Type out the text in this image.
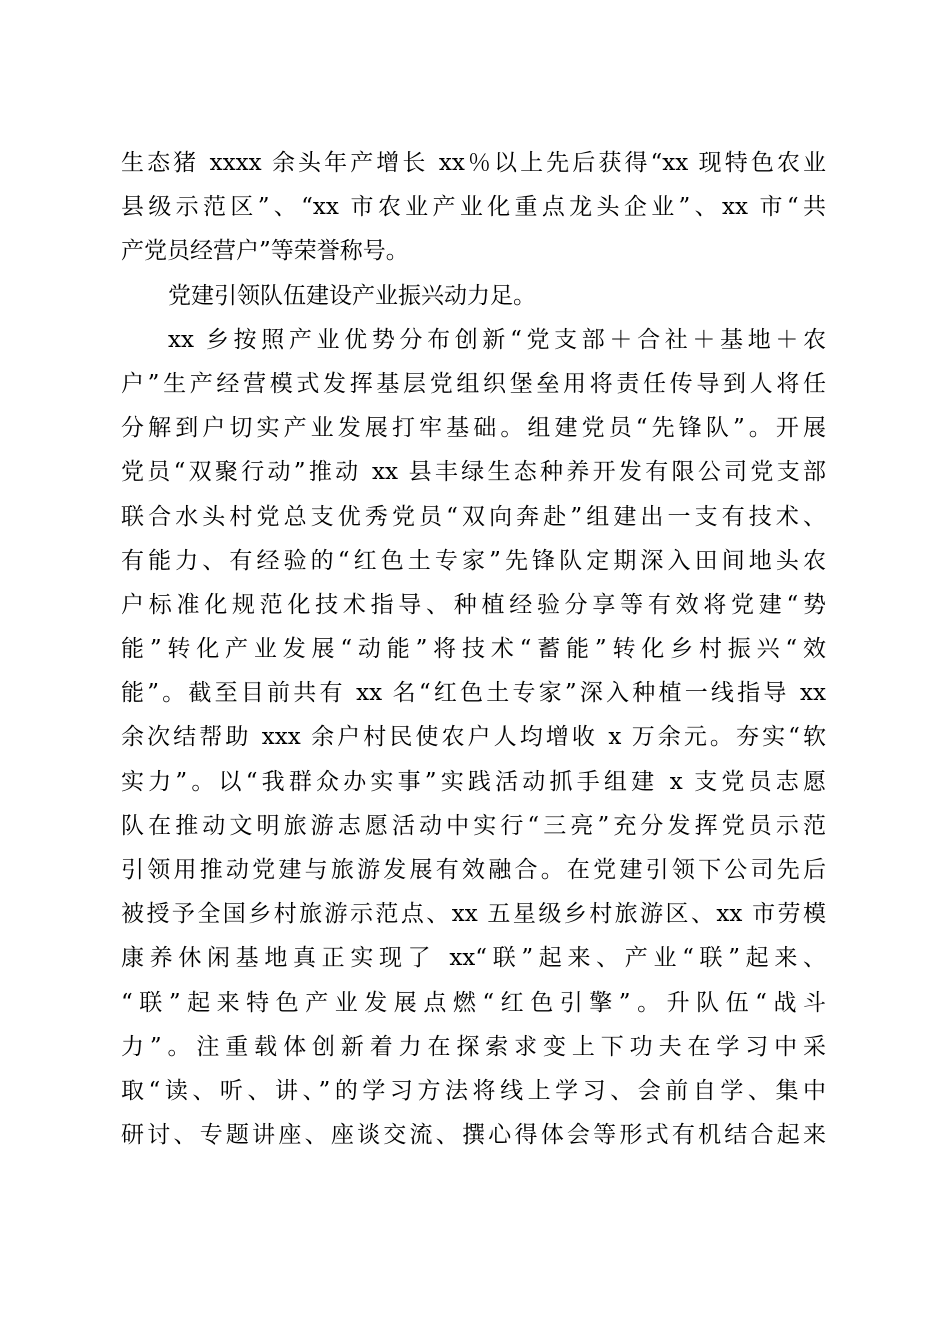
生态猪 xxxx 余头年产增长 xx％以上先后获得“xx 现特色农业
县级示范区”、“xx 市农业产业化重点龙头企业”、xx 市“共
产党员经营户”等荣誉称号。
党建引领队伍建设产业振兴动力足。
xx 乡按照产业优势分布创新“党支部＋合社＋基地＋农
户”生产经营模式发挥基层党组织堡垒用将责任传导到人将任
分解到户切实产业发展打牢基础。组建党员“先锋队”。开展
党员“双聚行动”推动 xx 县丰绿生态种养开发有限公司党支部
联合水头村党总支优秀党员“双向奔赴”组建出一支有技术、
有能力、有经验的“红色土专家”先锋队定期深入田间地头农
户标准化规范化技术指导、种植经验分享等有效将党建“势
能”转化产业发展“动能”将技术“蓄能”转化乡村振兴“效
能”。截至目前共有 xx 名“红色土专家”深入种植一线指导 xx
余次结帮助 xxx 余户村民使农户人均增收 x 万余元。夯实“软
实力”。以“我群众办实事”实践活动抓手组建 x 支党员志愿
队在推动文明旅游志愿活动中实行“三亮”充分发挥党员示范
引领用推动党建与旅游发展有效融合。在党建引领下公司先后
被授予全国乡村旅游示范点、xx 五星级乡村旅游区、xx 市劳模
康养休闲基地真正实现了 xx“联”起来、产业“联”起来、
“联”起来特色产业发展点燃“红色引擎”。升队伍“战斗
力”。注重载体创新着力在探索求变上下功夫在学习中采
取“读、听、讲、”的学习方法将线上学习、会前自学、集中
研讨、专题讲座、座谈交流、撰心得体会等形式有机结合起来
